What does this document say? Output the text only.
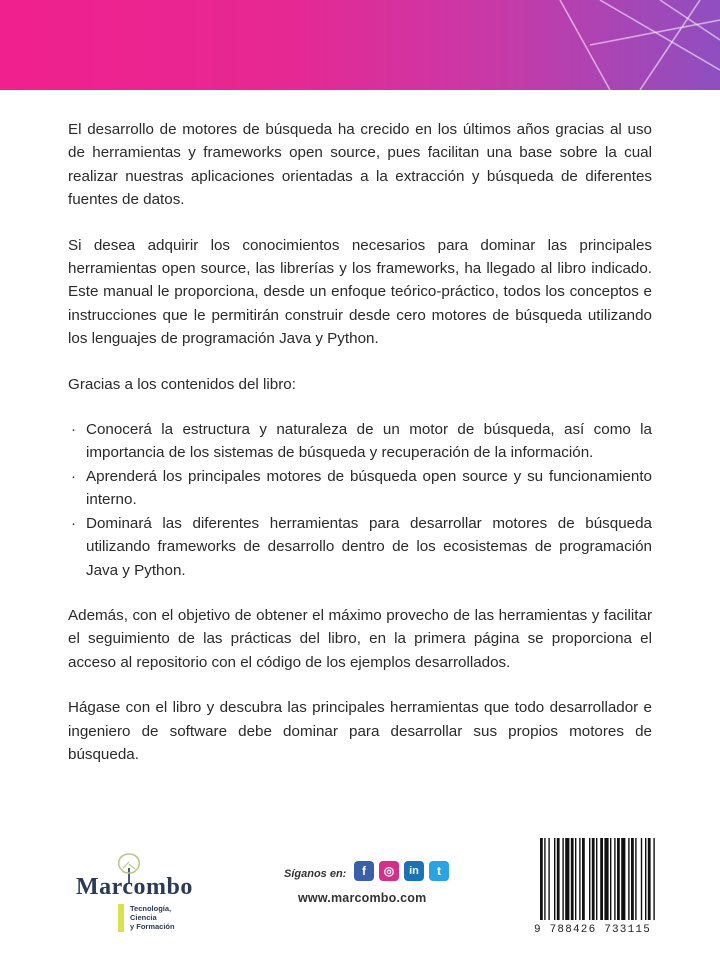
El desarrollo de motores de búsqueda ha crecido en los últimos años gracias al uso de herramientas y frameworks open source, pues facilitan una base sobre la cual realizar nuestras aplicaciones orientadas a la extracción y búsqueda de diferentes fuentes de datos.

Si desea adquirir los conocimientos necesarios para dominar las principales herramientas open source, las librerías y los frameworks, ha llegado al libro indicado. Este manual le proporciona, desde un enfoque teórico-práctico, todos los conceptos e instrucciones que le permitirán construir desde cero motores de búsqueda utilizando los lenguajes de programación Java y Python.

Gracias a los contenidos del libro:

· Conocerá la estructura y naturaleza de un motor de búsqueda, así como la importancia de los sistemas de búsqueda y recuperación de la información.
· Aprenderá los principales motores de búsqueda open source y su funcionamiento interno.
· Dominará las diferentes herramientas para desarrollar motores de búsqueda utilizando frameworks de desarrollo dentro de los ecosistemas de programación Java y Python.

Además, con el objetivo de obtener el máximo provecho de las herramientas y facilitar el seguimiento de las prácticas del libro, en la primera página se proporciona el acceso al repositorio con el código de los ejemplos desarrollados.

Hágase con el libro y descubra las principales herramientas que todo desarrollador e ingeniero de software debe dominar para desarrollar sus propios motores de búsqueda.

Marcombo
Tecnología,
Ciencia
y Formación
Síganos en:	f	◎	in	t
www.marcombo.com
9 788426 733115
